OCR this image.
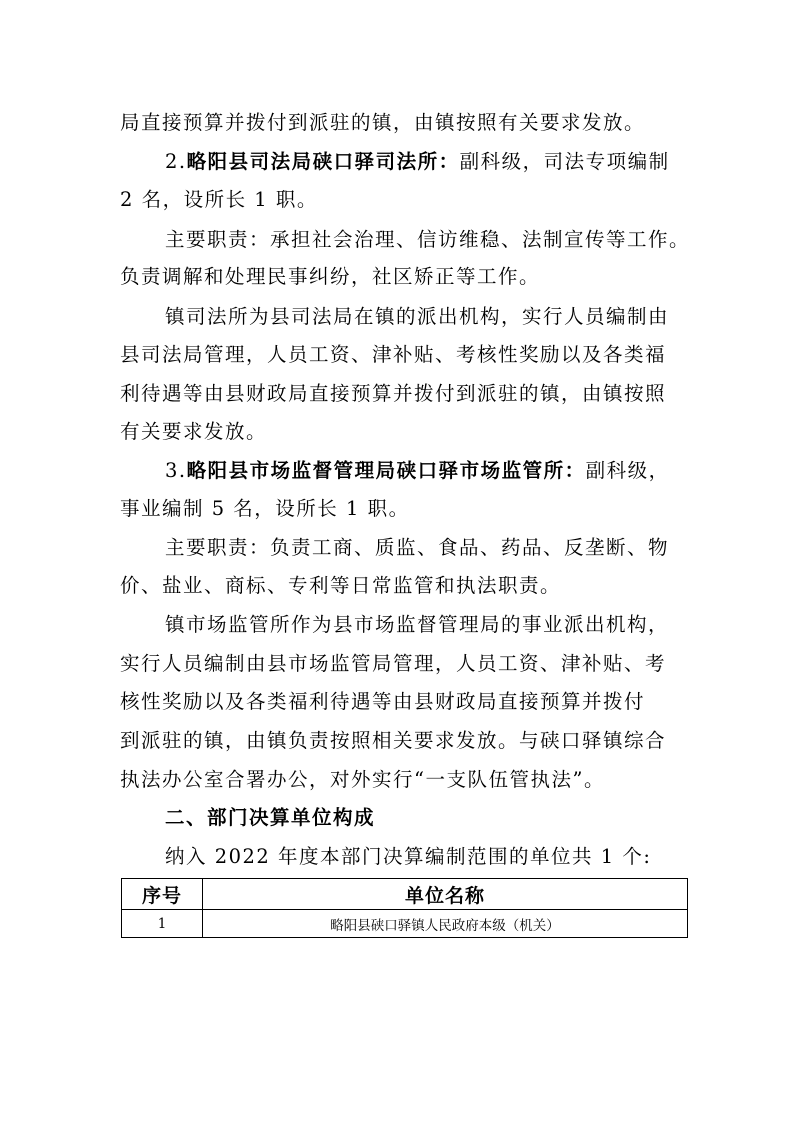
局直接预算并拨付到派驻的镇，由镇按照有关要求发放。
2.略阳县司法局硖口驿司法所：副科级，司法专项编制
2 名，设所长 1 职。
主要职责：承担社会治理、信访维稳、法制宣传等工作。
负责调解和处理民事纠纷，社区矫正等工作。
镇司法所为县司法局在镇的派出机构，实行人员编制由
县司法局管理，人员工资、津补贴、考核性奖励以及各类福
利待遇等由县财政局直接预算并拨付到派驻的镇，由镇按照
有关要求发放。
3.略阳县市场监督管理局硖口驿市场监管所：副科级，
事业编制 5 名，设所长 1 职。
主要职责：负责工商、质监、食品、药品、反垄断、物
价、盐业、商标、专利等日常监管和执法职责。
镇市场监管所作为县市场监督管理局的事业派出机构，
实行人员编制由县市场监管局管理，人员工资、津补贴、考
核性奖励以及各类福利待遇等由县财政局直接预算并拨付
到派驻的镇，由镇负责按照相关要求发放。与硖口驿镇综合
执法办公室合署办公，对外实行“一支队伍管执法”。
二、部门决算单位构成
纳入 2022 年度本部门决算编制范围的单位共 1 个:
序号	单位名称
1	略阳县硖口驿镇人民政府本级（机关）
